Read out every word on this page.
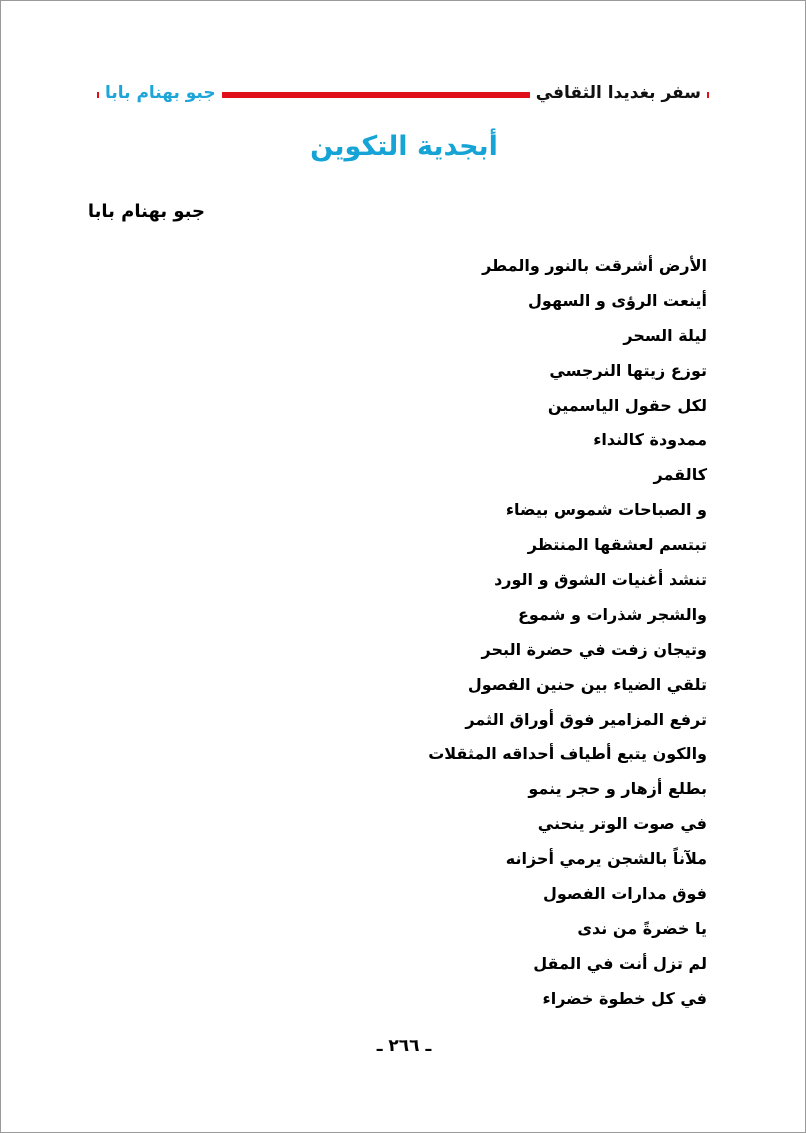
جبو بهنام بابا	سفر بغديدا الثقافي
أبجدية التكوين
جبو بهنام بابا
الأرض أشرقت بالنور والمطر
أينعت الرؤى و السهول
ليلة السحر
توزع زيتها النرجسي
لكل حقول الياسمين
ممدودة كالنداء
كالقمر
و الصباحات شموس بيضاء
تبتسم لعشقها المنتظر
تنشد أغنيات الشوق و الورد
والشجر شذرات و شموع
وتيجان زفت في حضرة البحر
تلقي الضياء بين حنين الفصول
ترفع المزامير فوق أوراق الثمر
والكون يتبع أطياف أحداقه المثقلات
بطلع أزهار و حجر ينمو
في صوت الوتر ينحني
ملآناً بالشجن يرمي أحزانه
فوق مدارات الفصول
يا خضرةً من ندى
لم تزل أنت في المقل
في كل خطوة خضراء
ـ ٢٦٦ ـ
